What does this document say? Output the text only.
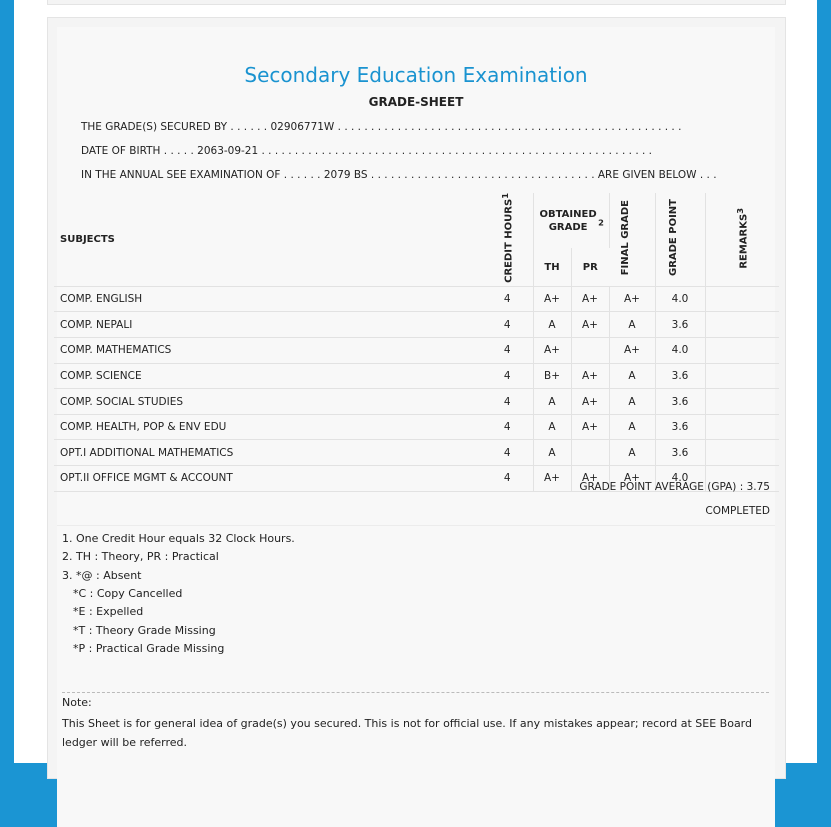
Secondary Education Examination
GRADE-SHEET
THE GRADE(S) SECURED BY . . . . . . 02906771W . . . . . . . . . . . . . . . . . . . . . . . . . . . . . . . . . . . . . . . . . . . . . . . . . . . .
DATE OF BIRTH . . . . . 2063-09-21 . . . . . . . . . . . . . . . . . . . . . . . . . . . . . . . . . . . . . . . . . . . . . . . . . . . . . . . . . . .
IN THE ANNUAL SEE EXAMINATION OF . . . . . . 2079 BS . . . . . . . . . . . . . . . . . . . . . . . . . . . . . . . . . . ARE GIVEN BELOW . . .
SUBJECTS	CREDIT HOURS$^1$	OBTAINED GRADE $^2$		FINAL GRADE	GRADE POINT	REMARKS$^3$
		TH	PR			
COMP. ENGLISH	4	A+	A+	A+	4.0	
COMP. NEPALI	4	A	A+	A	3.6	
COMP. MATHEMATICS	4	A+		A+	4.0	
COMP. SCIENCE	4	B+	A+	A	3.6	
COMP. SOCIAL STUDIES	4	A	A+	A	3.6	
COMP. HEALTH, POP & ENV EDU	4	A	A+	A	3.6	
OPT.I ADDITIONAL MATHEMATICS	4	A		A	3.6	
OPT.II OFFICE MGMT & ACCOUNT	4	A+	A+	A+	4.0	
GRADE POINT AVERAGE (GPA) : 3.75
COMPLETED
1. One Credit Hour equals 32 Clock Hours.
2. TH : Theory, PR : Practical
3. *@ : Absent
*C : Copy Cancelled
*E : Expelled
*T : Theory Grade Missing
*P : Practical Grade Missing
Note:
This Sheet is for general idea of grade(s) you secured. This is not for official use. If any mistakes appear; record at SEE Board ledger will be referred.
